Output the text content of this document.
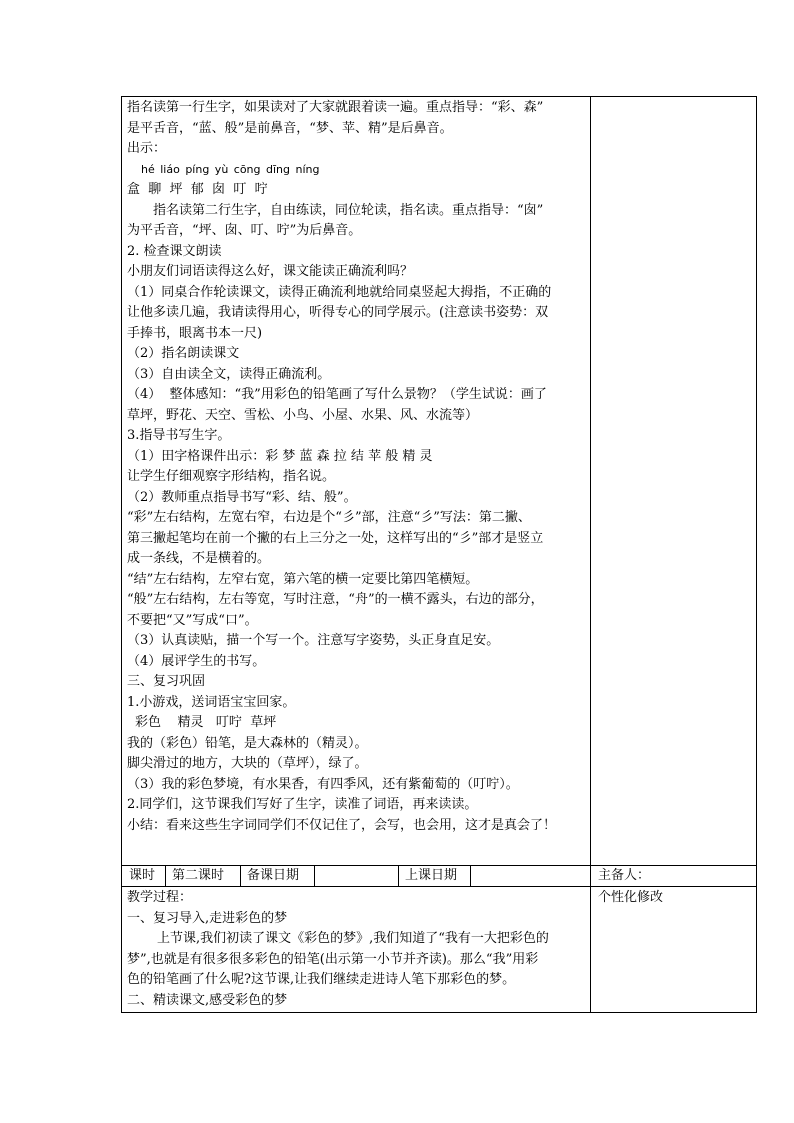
指名读第一行生字，如果读对了大家就跟着读一遍。重点指导：“彩、森”
是平舌音，“蓝、般”是前鼻音，“梦、苹、精”是后鼻音。
出示：
hé liáo píng yù cōng dīng níng
盒  聊  坪  郁  囱  叮  咛
指名读第二行生字，自由练读，同位轮读，指名读。重点指导：“囱”
为平舌音，“坪、囱、叮、咛”为后鼻音。
2. 检查课文朗读
小朋友们词语读得这么好，课文能读正确流利吗？
（1）同桌合作轮读课文，读得正确流利地就给同桌竖起大拇指，不正确的
让他多读几遍，我请读得用心，听得专心的同学展示。(注意读书姿势：双
手捧书，眼离书本一尺)
（2）指名朗读课文
（3）自由读全文，读得正确流利。
（4）  整体感知：“我”用彩色的铅笔画了写什么景物？（学生试说：画了
草坪，野花、天空、雪松、小鸟、小屋、水果、风、水流等）
3.指导书写生字。
（1）田字格课件出示：彩 梦 蓝 森 拉 结 苹 般 精 灵
让学生仔细观察字形结构，指名说。
（2）教师重点指导书写“彩、结、般”。
“彩”左右结构，左宽右窄，右边是个“彡”部，注意“彡”写法：第二撇、
第三撇起笔均在前一个撇的右上三分之一处，这样写出的“彡”部才是竖立
成一条线，不是横着的。
“结”左右结构，左窄右宽，第六笔的横一定要比第四笔横短。
“般”左右结构，左右等宽，写时注意，“舟”的一横不露头，右边的部分，
不要把“又”写成“口”。
（3）认真读贴，描一个写一个。注意写字姿势，头正身直足安。
（4）展评学生的书写。
三、复习巩固
1.小游戏，送词语宝宝回家。
彩色    精灵   叮咛  草坪
我的（彩色）铅笔，是大森林的（精灵）。
脚尖滑过的地方，大块的（草坪），绿了。
（3）我的彩色梦境，有水果香，有四季风，还有紫葡萄的（叮咛）。
2.同学们，这节课我们写好了生字，读准了词语，再来读读。
小结：看来这些生字词同学们不仅记住了，会写，也会用，这才是真会了！
课时 第二课时 备课日期	上课日期	主备人：
教学过程：
一、复习导入,走进彩色的梦
上节课,我们初读了课文《彩色的梦》,我们知道了“我有一大把彩色的
梦”,也就是有很多很多彩色的铅笔(出示第一小节并齐读)。那么“我”用彩
色的铅笔画了什么呢?这节课,让我们继续走进诗人笔下那彩色的梦。
二、精读课文,感受彩色的梦
个性化修改
